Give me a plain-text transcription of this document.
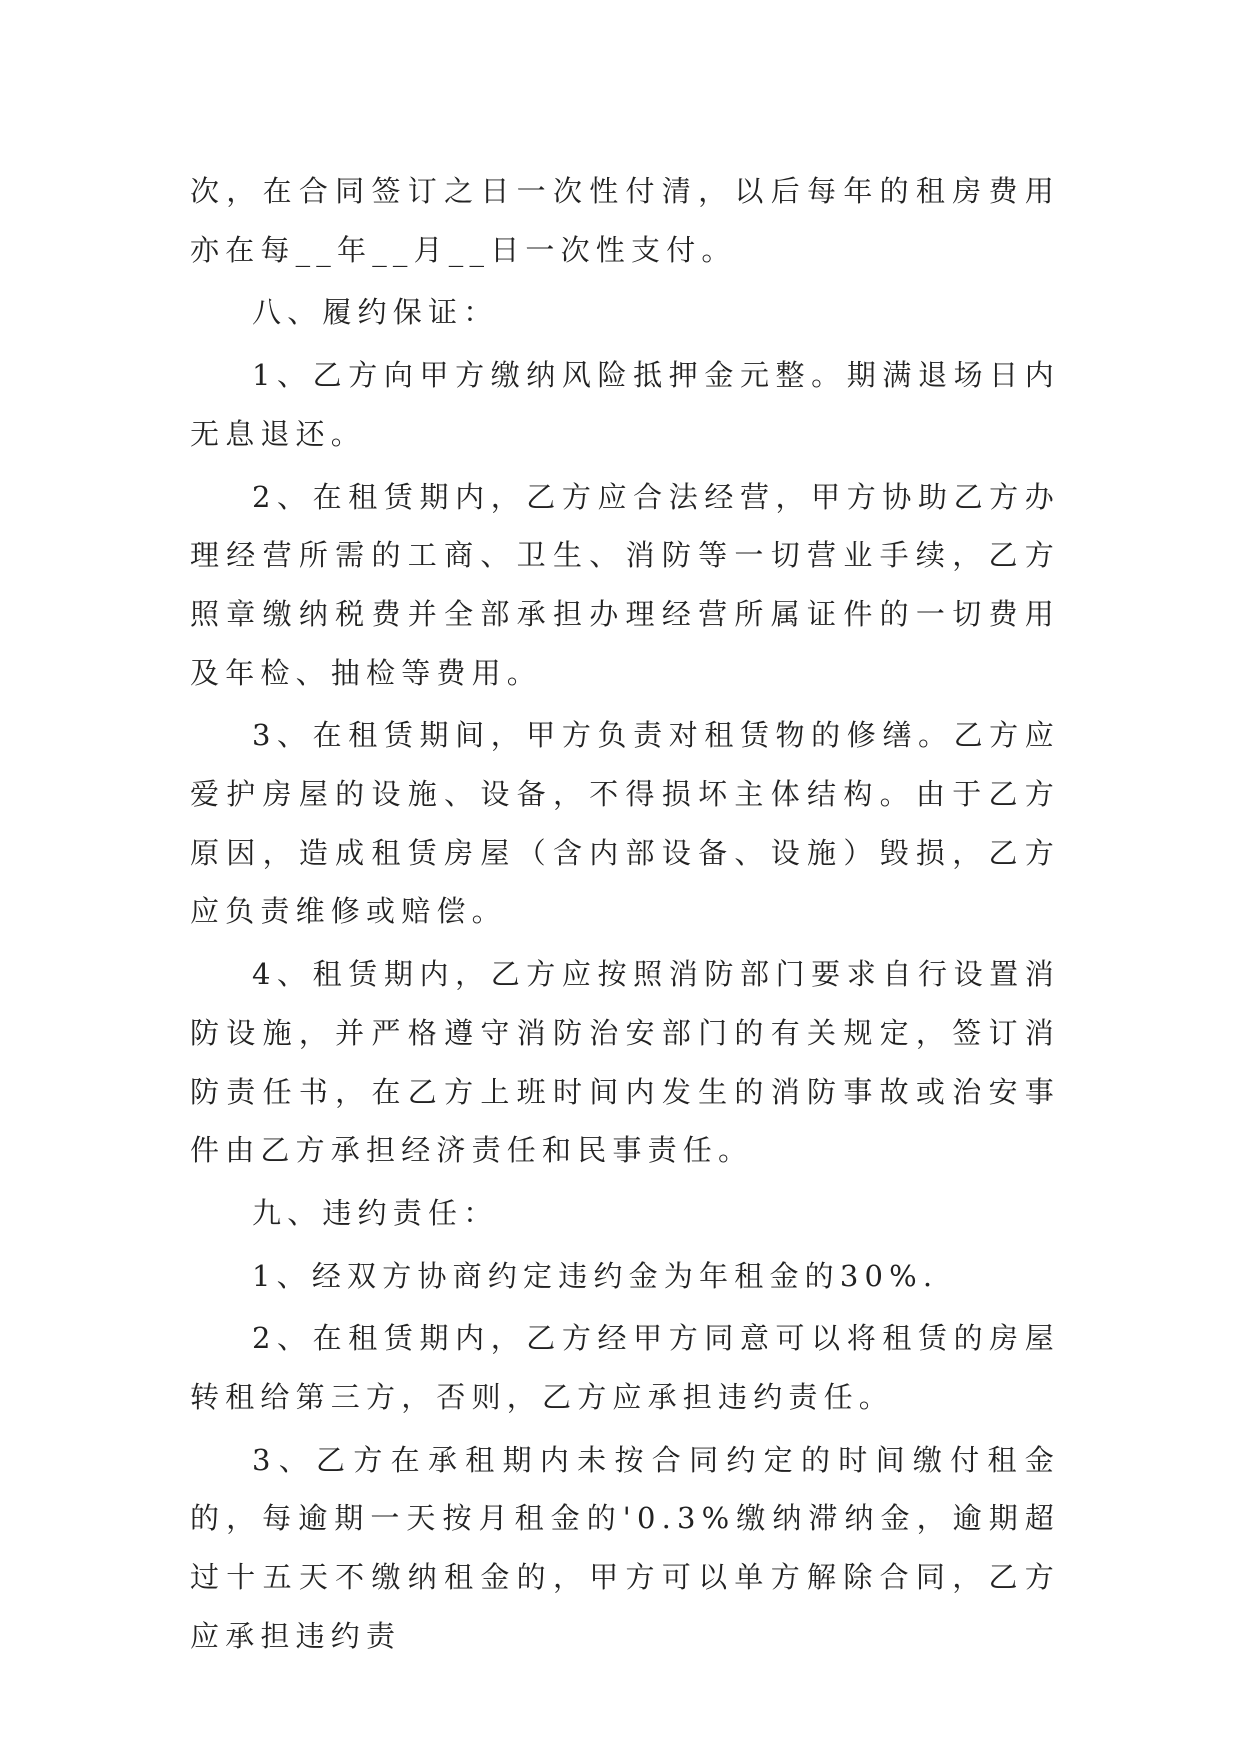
次，在合同签订之日一次性付清，以后每年的租房费用亦在每__年__月__日一次性支付。

八、履约保证：

1、乙方向甲方缴纳风险抵押金元整。期满退场日内无息退还。

2、在租赁期内，乙方应合法经营，甲方协助乙方办理经营所需的工商、卫生、消防等一切营业手续，乙方照章缴纳税费并全部承担办理经营所属证件的一切费用及年检、抽检等费用。

3、在租赁期间，甲方负责对租赁物的修缮。乙方应爱护房屋的设施、设备，不得损坏主体结构。由于乙方原因，造成租赁房屋（含内部设备、设施）毁损，乙方应负责维修或赔偿。

4、租赁期内，乙方应按照消防部门要求自行设置消防设施，并严格遵守消防治安部门的有关规定，签订消防责任书，在乙方上班时间内发生的消防事故或治安事件由乙方承担经济责任和民事责任。

九、违约责任：

1、经双方协商约定违约金为年租金的30%.

2、在租赁期内，乙方经甲方同意可以将租赁的房屋转租给第三方，否则，乙方应承担违约责任。

3、乙方在承租期内未按合同约定的时间缴付租金的，每逾期一天按月租金的'0.3%缴纳滞纳金，逾期超过十五天不缴纳租金的，甲方可以单方解除合同，乙方应承担违约责
